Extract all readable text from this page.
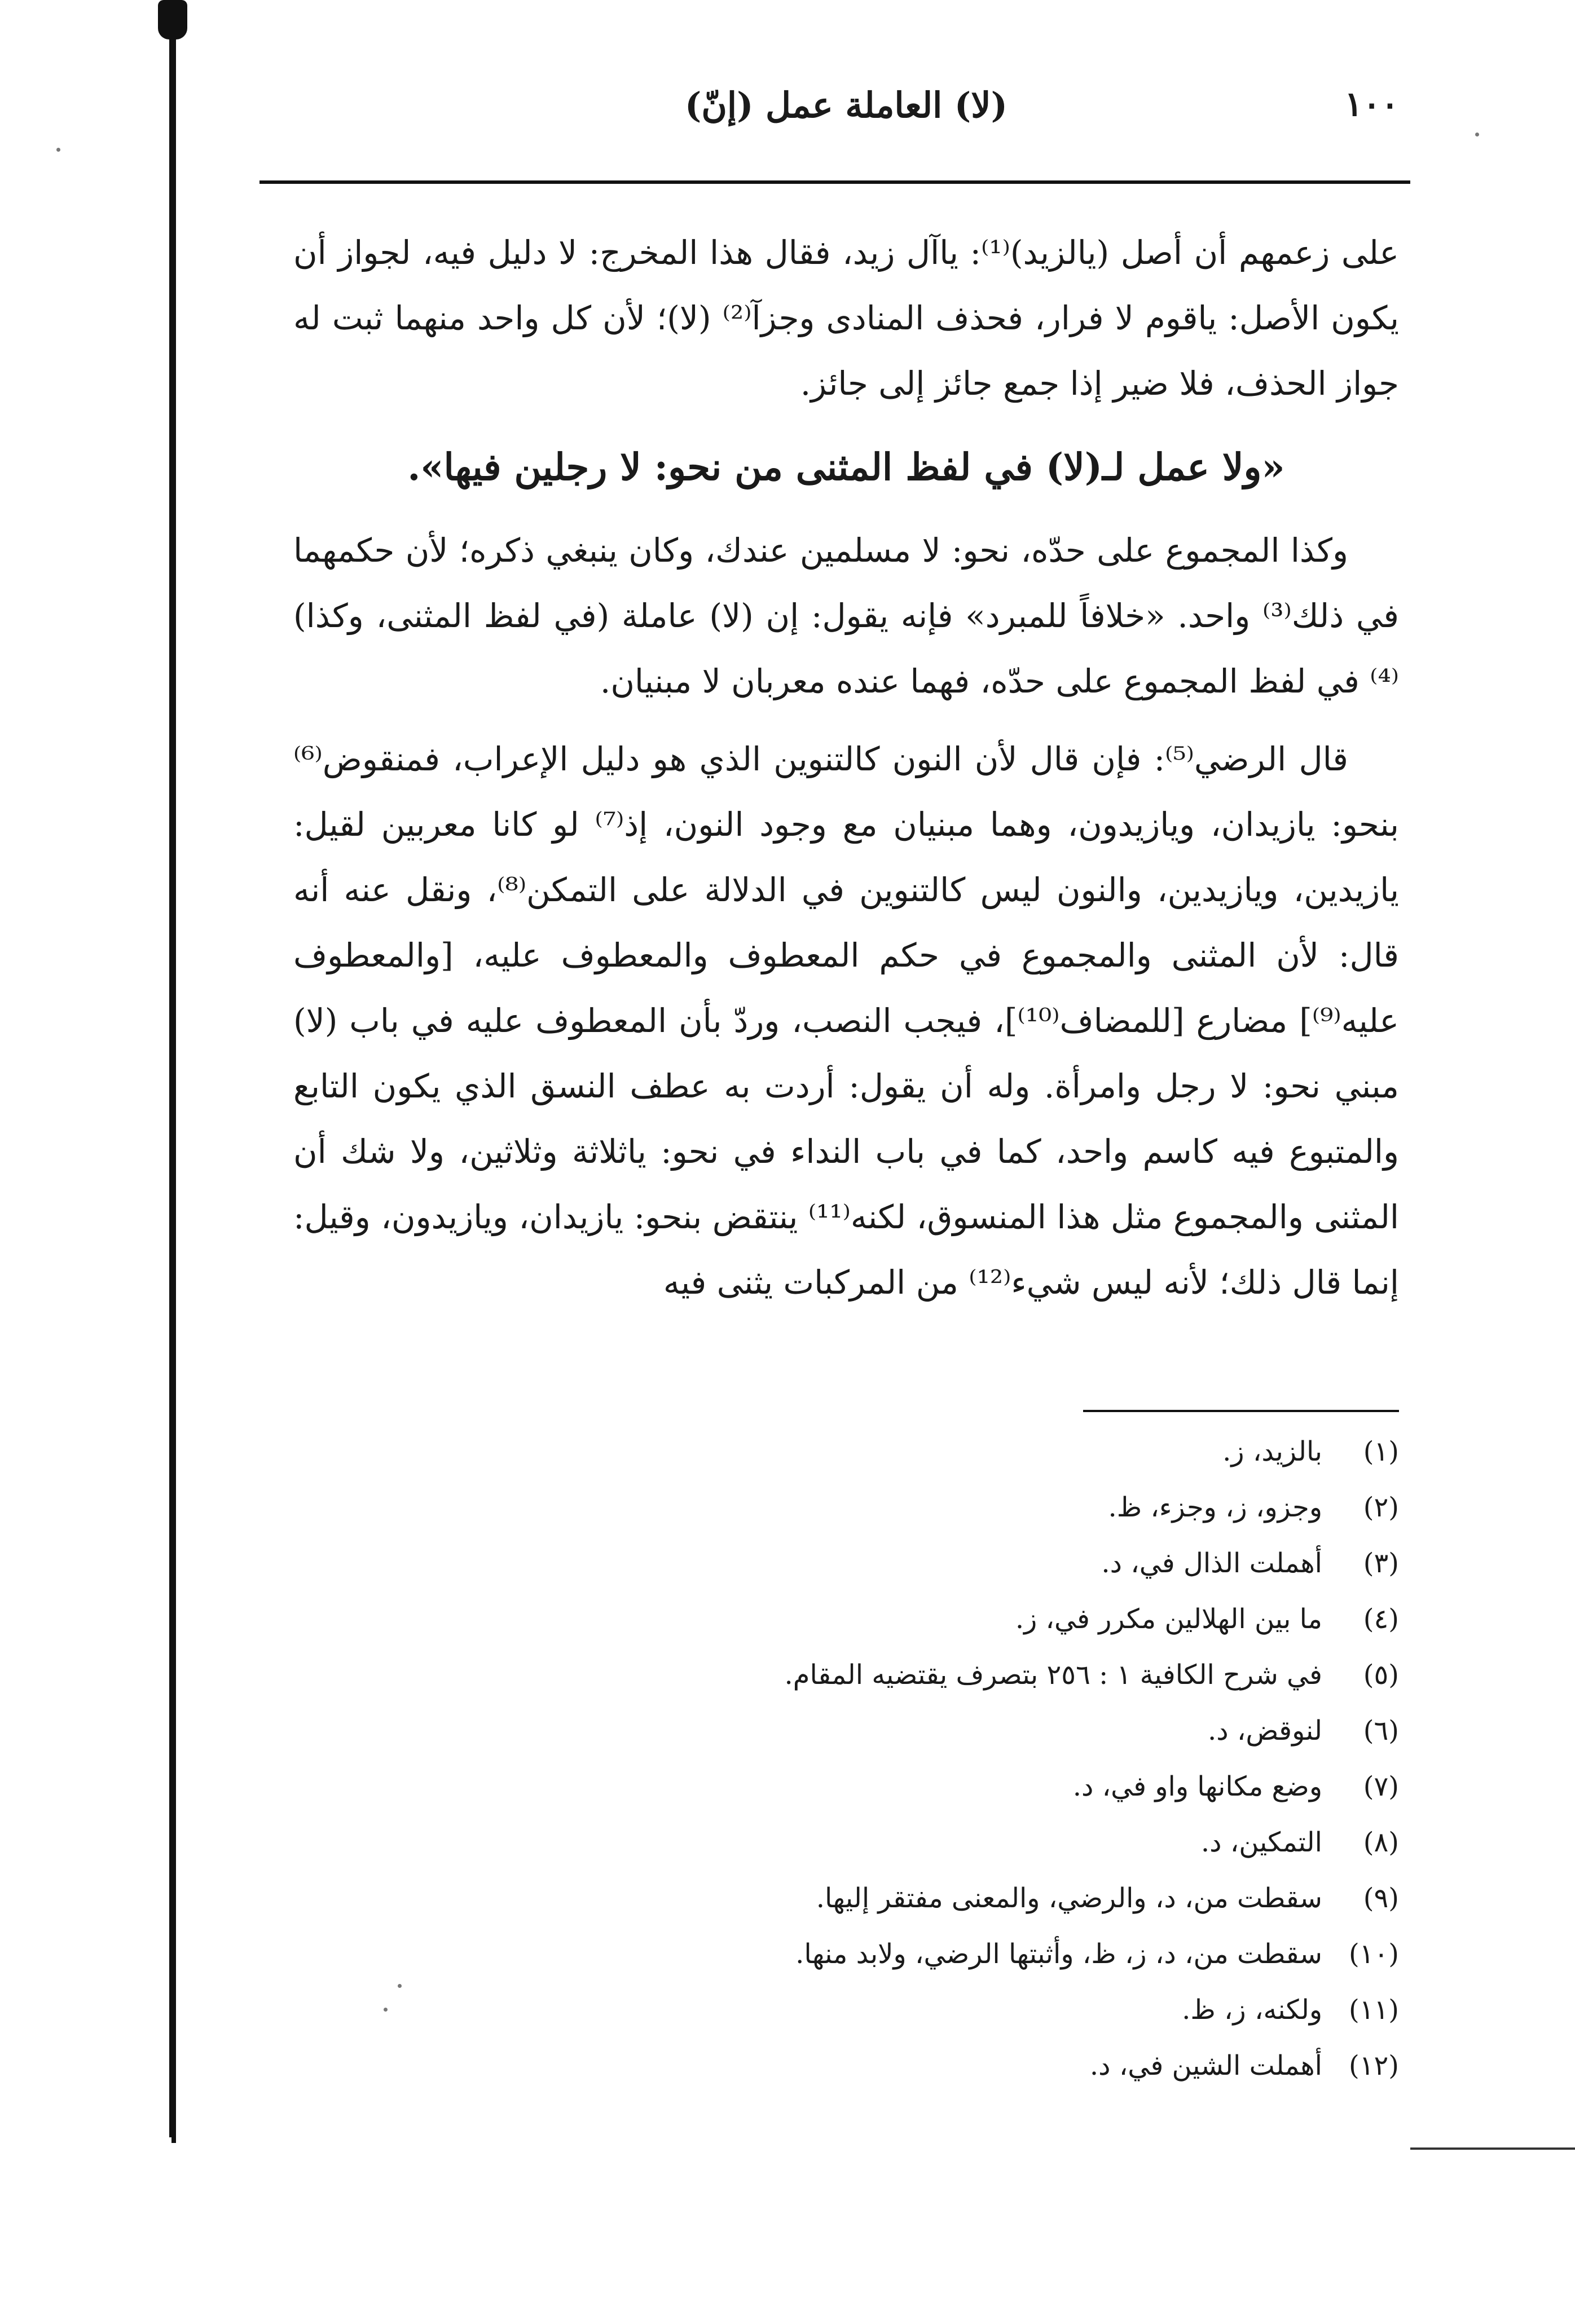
١٠٠
(لا) العاملة عمل (إنّ)

على زعمهم أن أصل (يالزيد)⁽¹⁾: ياآل زيد، فقال هذا المخرج: لا دليل فيه، لجواز أن يكون الأصل: ياقوم لا فرار، فحذف المنادى وجزآ⁽²⁾ (لا)؛ لأن كل واحد منهما ثبت له جواز الحذف، فلا ضير إذا جمع جائز إلى جائز.

«ولا عمل لـ(لا) في لفظ المثنى من نحو: لا رجلين فيها».

وكذا المجموع على حدّه، نحو: لا مسلمين عندك، وكان ينبغي ذكره؛ لأن حكمهما في ذلك⁽³⁾ واحد. «خلافاً للمبرد» فإنه يقول: إن (لا) عاملة (في لفظ المثنى، وكذا)⁽⁴⁾ في لفظ المجموع على حدّه، فهما عنده معربان لا مبنيان.

قال الرضي⁽⁵⁾: فإن قال لأن النون كالتنوين الذي هو دليل الإعراب، فمنقوض⁽⁶⁾ بنحو: يازيدان، ويازيدون، وهما مبنيان مع وجود النون، إذ⁽⁷⁾ لو كانا معربين لقيل: يازيدين، ويازيدين، والنون ليس كالتنوين في الدلالة على التمكن⁽⁸⁾، ونقل عنه أنه قال: لأن المثنى والمجموع في حكم المعطوف والمعطوف عليه، [والمعطوف عليه⁽⁹⁾] مضارع [للمضاف⁽¹⁰⁾]، فيجب النصب، وردّ بأن المعطوف عليه في باب (لا) مبني نحو: لا رجل وامرأة. وله أن يقول: أردت به عطف النسق الذي يكون التابع والمتبوع فيه كاسم واحد، كما في باب النداء في نحو: ياثلاثة وثلاثين، ولا شك أن المثنى والمجموع مثل هذا المنسوق، لكنه⁽¹¹⁾ ينتقض بنحو: يازيدان، ويازيدون، وقيل: إنما قال ذلك؛ لأنه ليس شيء⁽¹²⁾ من المركبات يثنى فيه

(١)
بالزيد، ز.
(٢)
وجزو، ز، وجزء، ظ.
(٣)
أهملت الذال في، د.
(٤)
ما بين الهلالين مكرر في، ز.
(٥)
في شرح الكافية ١ : ٢٥٦ بتصرف يقتضيه المقام.
(٦)
لنوقض، د.
(٧)
وضع مكانها واو في، د.
(٨)
التمكين، د.
(٩)
سقطت من، د، والرضي، والمعنى مفتقر إليها.
(١٠)
سقطت من، د، ز، ظ، وأثبتها الرضي، ولابد منها.
(١١)
ولكنه، ز، ظ.
(١٢)
أهملت الشين في، د.
